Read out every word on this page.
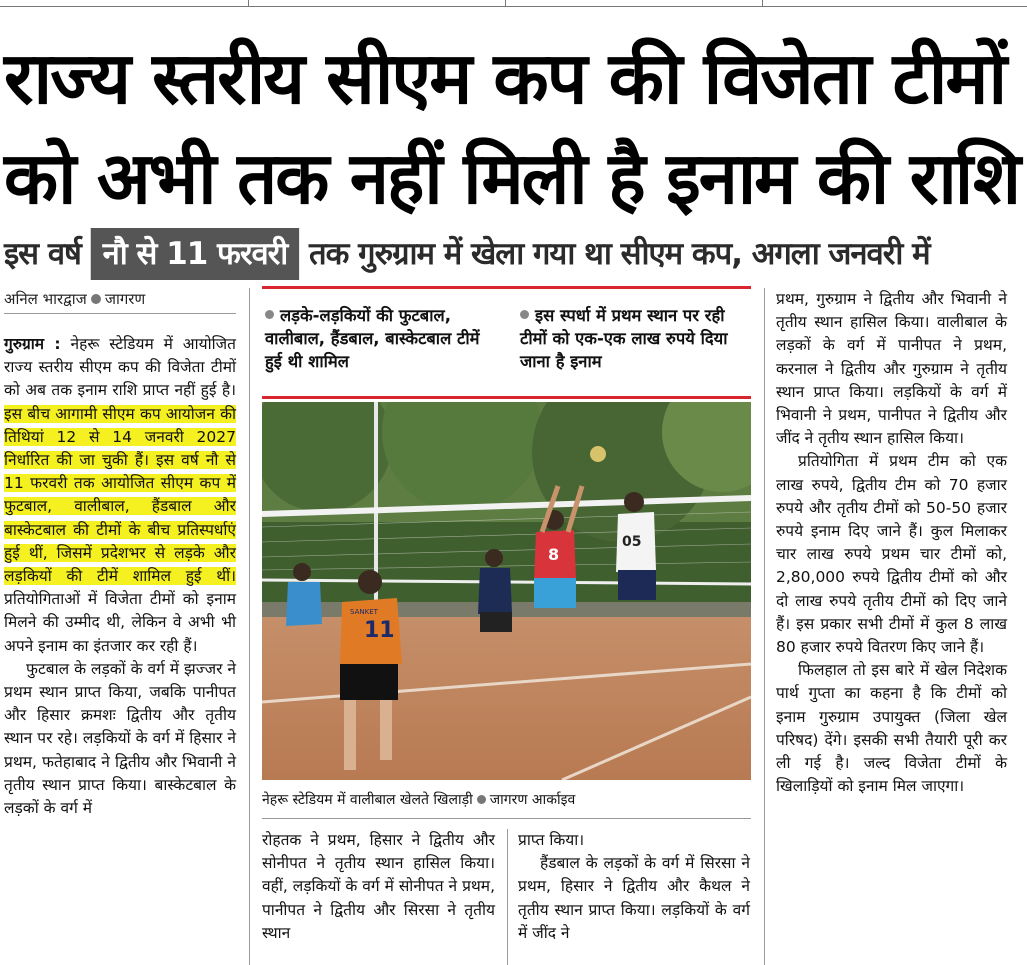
राज्य स्तरीय सीएम कप की विजेता टीमों
को अभी तक नहीं मिली है इनाम की राशि
इस वर्ष नौ से 11 फरवरी तक गुरुग्राम में खेला गया था सीएम कप, अगला जनवरी में
अनिल भारद्वाज जागरण

गुरुग्राम : नेहरू स्टेडियम में आयोजित राज्य स्तरीय सीएम कप की विजेता टीमों को अब तक इनाम राशि प्राप्त नहीं हुई है। इस बीच आगामी सीएम कप आयोजन की तिथियां 12 से 14 जनवरी 2027 निर्धारित की जा चुकी हैं। इस वर्ष नौ से 11 फरवरी तक आयोजित सीएम कप में फुटबाल, वालीबाल, हैंडबाल और बास्केटबाल की टीमों के बीच प्रतिस्पर्धाएं हुई थीं, जिसमें प्रदेशभर से लड़के और लड़कियों की टीमें शामिल हुई थीं। प्रतियोगिताओं में विजेता टीमों को इनाम मिलने की उम्मीद थी, लेकिन वे अभी भी अपने इनाम का इंतजार कर रही हैं।

फुटबाल के लड़कों के वर्ग में झज्जर ने प्रथम स्थान प्राप्त किया, जबकि पानीपत और हिसार क्रमशः द्वितीय और तृतीय स्थान पर रहे। लड़कियों के वर्ग में हिसार ने प्रथम, फतेहाबाद ने द्वितीय और भिवानी ने तृतीय स्थान प्राप्त किया। बास्केटबाल के लड़कों के वर्ग में

लड़के-लड़कियों की फुटबाल, वालीबाल, हैंडबाल, बास्केटबाल टीमें हुई थी शामिल
इस स्पर्धा में प्रथम स्थान पर रही टीमों को एक-एक लाख रुपये दिया जाना है इनाम
11
SANKET
8
05
नेहरू स्टेडियम में वालीबाल खेलते खिलाड़ी जागरण आर्काइव

रोहतक ने प्रथम, हिसार ने द्वितीय और सोनीपत ने तृतीय स्थान हासिल किया। वहीं, लड़कियों के वर्ग में सोनीपत ने प्रथम, पानीपत ने द्वितीय और सिरसा ने तृतीय स्थान

प्राप्त किया।

हैंडबाल के लड़कों के वर्ग में सिरसा ने प्रथम, हिसार ने द्वितीय और कैथल ने तृतीय स्थान प्राप्त किया। लड़कियों के वर्ग में जींद ने

प्रथम, गुरुग्राम ने द्वितीय और भिवानी ने तृतीय स्थान हासिल किया। वालीबाल के लड़कों के वर्ग में पानीपत ने प्रथम, करनाल ने द्वितीय और गुरुग्राम ने तृतीय स्थान प्राप्त किया। लड़कियों के वर्ग में भिवानी ने प्रथम, पानीपत ने द्वितीय और जींद ने तृतीय स्थान हासिल किया।

प्रतियोगिता में प्रथम टीम को एक लाख रुपये, द्वितीय टीम को 70 हजार रुपये और तृतीय टीमों को 50-50 हजार रुपये इनाम दिए जाने हैं। कुल मिलाकर चार लाख रुपये प्रथम चार टीमों को, 2,80,000 रुपये द्वितीय टीमों को और दो लाख रुपये तृतीय टीमों को दिए जाने हैं। इस प्रकार सभी टीमों में कुल 8 लाख 80 हजार रुपये वितरण किए जाने हैं।

फिलहाल तो इस बारे में खेल निदेशक पार्थ गुप्ता का कहना है कि टीमों को इनाम गुरुग्राम उपायुक्त (जिला खेल परिषद) देंगे। इसकी सभी तैयारी पूरी कर ली गई है। जल्द विजेता टीमों के खिलाड़ियों को इनाम मिल जाएगा।
